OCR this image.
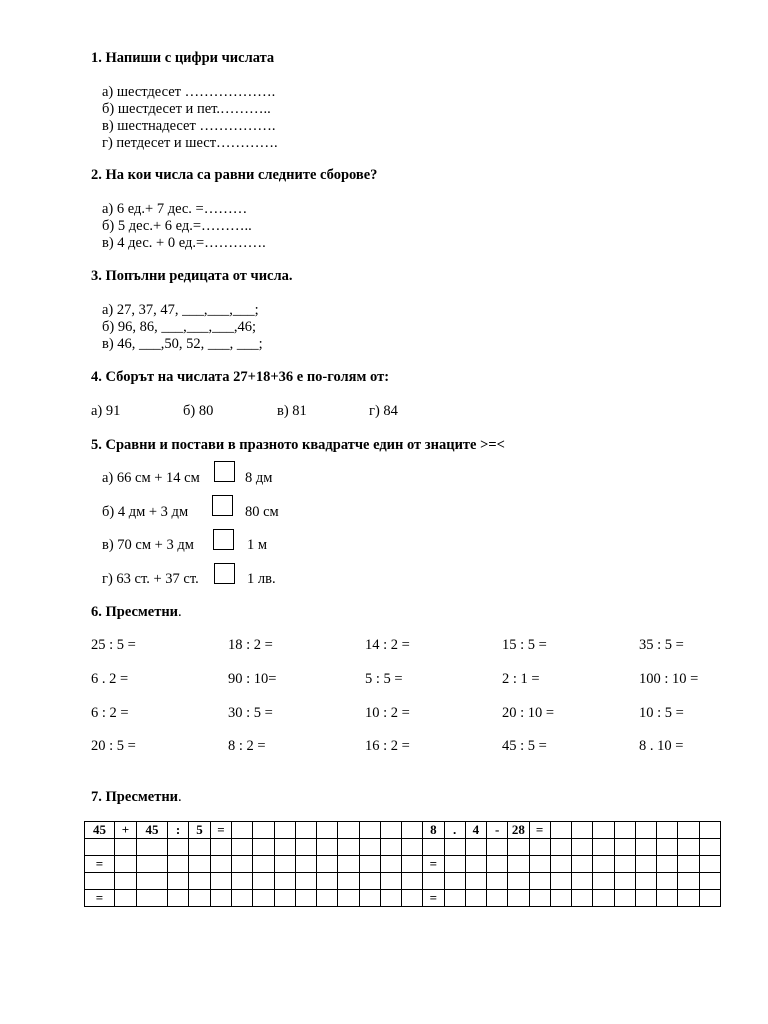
1. Напиши с цифри числата
а) шестдесет ……………….
б) шестдесет и пет.………..
в) шестнадесет …………….
г) петдесет и шест………….
2. На кои числа са равни следните сборове?
а) 6 ед.+ 7 дес. =………
б) 5 дес.+ 6 ед.=………..
в) 4 дес. + 0 ед.=………….
3. Попълни редицата от числа.
а) 27, 37, 47, ___,___,___;
б) 96, 86, ___,___,___,46;
в) 46, ___,50, 52, ___, ___;
4. Сборът на числата 27+18+36 е по-голям от:
а) 91	б) 80	в) 81	г) 84
5. Сравни и постави в празното квадратче един от знаците >=<
а) 66 см + 14 см	8 дм
б) 4 дм + 3 дм	80 см
в) 70 см + 3 дм	1 м
г) 63 ст. + 37 ст.	1 лв.
6. Пресметни.
25 : 5 =	18 : 2 =	14 : 2 =	15 : 5 =	35 : 5 =
6 . 2 =	90 : 10=	5 : 5 =	2 : 1 =	100 : 10 =
6 : 2 =	30 : 5 =	10 : 2 =	20 : 10 =	10 : 5 =
20 : 5 =	8 : 2 =	16 : 2 =	45 : 5 =	8 . 10 =
7. Пресметни.
45	+	45	:	5	=										8	.	4	-	28	=								

=															=													

=															=													
